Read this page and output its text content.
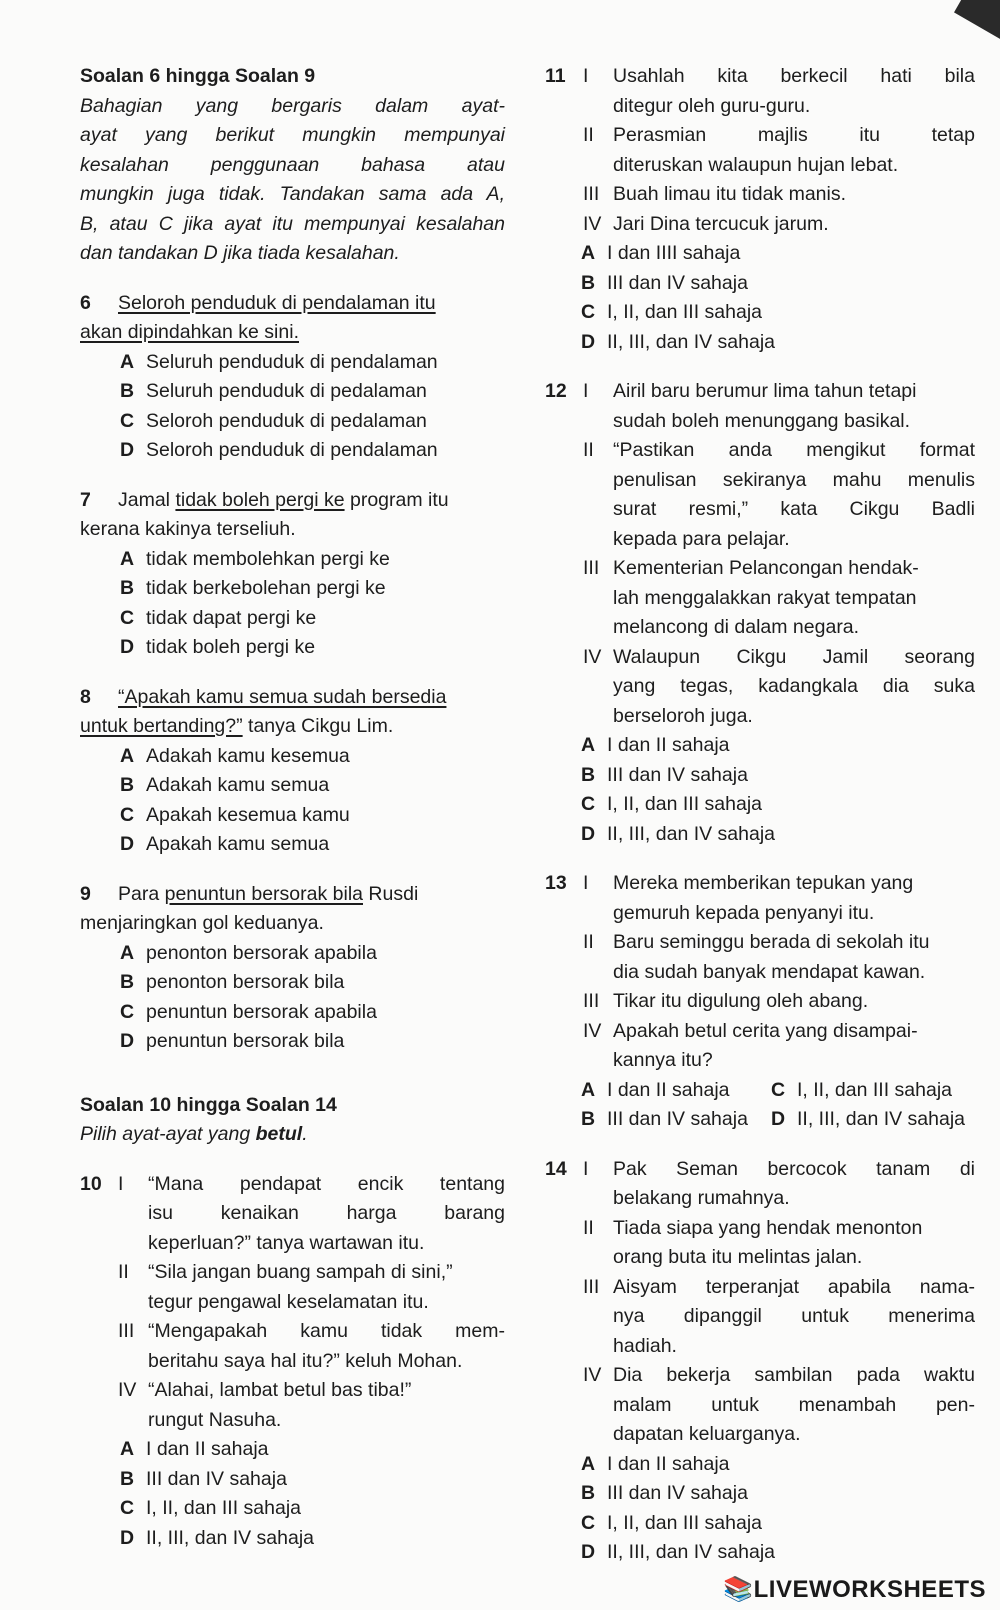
Soalan 6 hingga Soalan 9
Bahagian yang bergaris dalam ayat-
ayat yang berikut mungkin mempunyai
kesalahan penggunaan bahasa atau
mungkin juga tidak. Tandakan sama ada A,
B, atau C jika ayat itu mempunyai kesalahan
dan tandakan D jika tiada kesalahan.
6	Seloroh penduduk di pendalaman itu
akan dipindahkan ke sini.
A Seluruh penduduk di pendalaman
B Seluruh penduduk di pedalaman
C Seloroh penduduk di pedalaman
D Seloroh penduduk di pendalaman
7	Jamal tidak boleh pergi ke program itu
kerana kakinya terseliuh.
A tidak membolehkan pergi ke
B tidak berkebolehan pergi ke
C tidak dapat pergi ke
D tidak boleh pergi ke
8	“Apakah kamu semua sudah bersedia
untuk bertanding?” tanya Cikgu Lim.
A Adakah kamu kesemua
B Adakah kamu semua
C Apakah kesemua kamu
D Apakah kamu semua
9	Para penuntun bersorak bila Rusdi
menjaringkan gol keduanya.
A penonton bersorak apabila
B penonton bersorak bila
C penuntun bersorak apabila
D penuntun bersorak bila
Soalan 10 hingga Soalan 14
Pilih ayat-ayat yang betul.
10 I	“Mana pendapat encik tentang
isu kenaikan harga barang
keperluan?” tanya wartawan itu.
II “Sila jangan buang sampah di sini,”
tegur pengawal keselamatan itu.
III “Mengapakah kamu tidak mem-
beritahu saya hal itu?” keluh Mohan.
IV “Alahai, lambat betul bas tiba!”
rungut Nasuha.
A I dan II sahaja
B III dan IV sahaja
C I, II, dan III sahaja
D II, III, dan IV sahaja
11 I	Usahlah kita berkecil hati bila
ditegur oleh guru-guru.
II Perasmian majlis itu tetap
diteruskan walaupun hujan lebat.
III Buah limau itu tidak manis.
IV Jari Dina tercucuk jarum.
A I dan IIII sahaja
B III dan IV sahaja
C I, II, dan III sahaja
D II, III, dan IV sahaja
12 I	Airil baru berumur lima tahun tetapi
sudah boleh menunggang basikal.
II “Pastikan anda mengikut format
penulisan sekiranya mahu menulis
surat resmi,” kata Cikgu Badli
kepada para pelajar.
III Kementerian Pelancongan hendak-
lah menggalakkan rakyat tempatan
melancong di dalam negara.
IV Walaupun Cikgu Jamil seorang
yang tegas, kadangkala dia suka
berseloroh juga.
A I dan II sahaja
B III dan IV sahaja
C I, II, dan III sahaja
D II, III, dan IV sahaja
13 I	Mereka memberikan tepukan yang
gemuruh kepada penyanyi itu.
II Baru seminggu berada di sekolah itu
dia sudah banyak mendapat kawan.
III Tikar itu digulung oleh abang.
IV Apakah betul cerita yang disampai-
kannya itu?
A I dan II sahaja C I, II, dan III sahaja
B III dan IV sahaja D II, III, dan IV sahaja
14 I	Pak Seman bercocok tanam di
belakang rumahnya.
II Tiada siapa yang hendak menonton
orang buta itu melintas jalan.
III Aisyam terperanjat apabila nama-
nya dipanggil untuk menerima
hadiah.
IV Dia bekerja sambilan pada waktu
malam untuk menambah pen-
dapatan keluarganya.
A I dan II sahaja
B III dan IV sahaja
C I, II, dan III sahaja
D II, III, dan IV sahaja
📚LIVEWORKSHEETS
